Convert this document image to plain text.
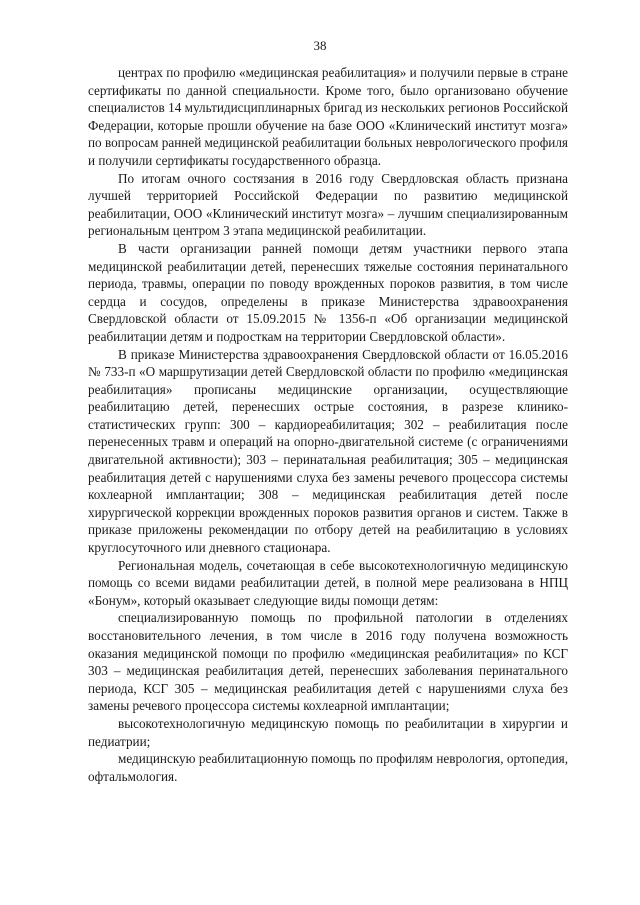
38

центрах по профилю «медицинская реабилитация» и получили первые в стране сертификаты по данной специальности. Кроме того, было организовано обучение специалистов 14 мультидисциплинарных бригад из нескольких регионов Российской Федерации, которые прошли обучение на базе ООО «Клинический институт мозга» по вопросам ранней медицинской реабилитации больных неврологического профиля и получили сертификаты государственного образца.

По итогам очного состязания в 2016 году Свердловская область признана лучшей территорией Российской Федерации по развитию медицинской реабилитации, ООО «Клинический институт мозга» – лучшим специализированным региональным центром 3 этапа медицинской реабилитации.

В части организации ранней помощи детям участники первого этапа медицинской реабилитации детей, перенесших тяжелые состояния перинатального периода, травмы, операции по поводу врожденных пороков развития, в том числе сердца и сосудов, определены в приказе Министерства здравоохранения Свердловской области от 15.09.2015 № 1356-п «Об организации медицинской реабилитации детям и подросткам на территории Свердловской области».

В приказе Министерства здравоохранения Свердловской области от 16.05.2016 № 733-п «О маршрутизации детей Свердловской области по профилю «медицинская реабилитация» прописаны медицинские организации, осуществляющие реабилитацию детей, перенесших острые состояния, в разрезе клинико-статистических групп: 300 – кардиореабилитация; 302 – реабилитация после перенесенных травм и операций на опорно-двигательной системе (с ограничениями двигательной активности); 303 – перинатальная реабилитация; 305 – медицинская реабилитация детей с нарушениями слуха без замены речевого процессора системы кохлеарной имплантации; 308 – медицинская реабилитация детей после хирургической коррекции врожденных пороков развития органов и систем. Также в приказе приложены рекомендации по отбору детей на реабилитацию в условиях круглосуточного или дневного стационара.

Региональная модель, сочетающая в себе высокотехнологичную медицинскую помощь со всеми видами реабилитации детей, в полной мере реализована в НПЦ «Бонум», который оказывает следующие виды помощи детям:

специализированную помощь по профильной патологии в отделениях восстановительного лечения, в том числе в 2016 году получена возможность оказания медицинской помощи по профилю «медицинская реабилитация» по КСГ 303 – медицинская реабилитация детей, перенесших заболевания перинатального периода, КСГ 305 – медицинская реабилитация детей с нарушениями слуха без замены речевого процессора системы кохлеарной имплантации;

высокотехнологичную медицинскую помощь по реабилитации в хирургии и педиатрии;

медицинскую реабилитационную помощь по профилям неврология, ортопедия, офтальмология.
